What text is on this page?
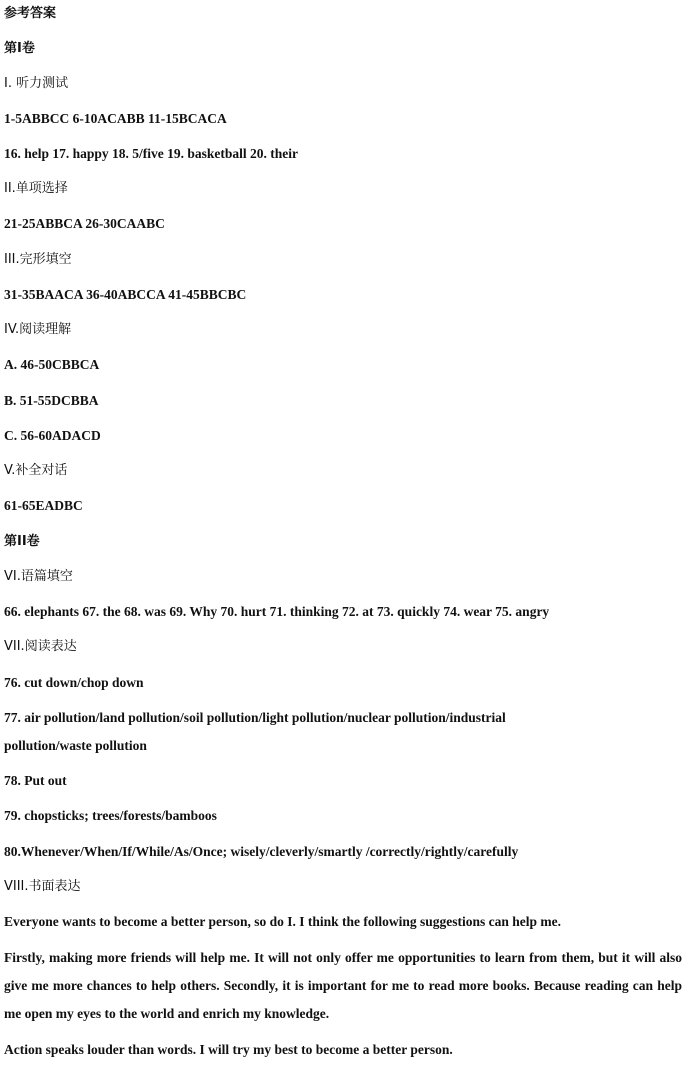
参考答案
第I卷
I. 听力测试
1-5ABBCC 6-10ACABB 11-15BCACA
16. help 17. happy 18. 5/five 19. basketball 20. their
II.单项选择
21-25ABBCA 26-30CAABC
III.完形填空
31-35BAACA 36-40ABCCA 41-45BBCBC
IV.阅读理解
A. 46-50CBBCA
B. 51-55DCBBA
C. 56-60ADACD
V.补全对话
61-65EADBC
第II卷
VI.语篇填空
66. elephants 67. the 68. was 69. Why 70. hurt 71. thinking 72. at 73. quickly 74. wear 75. angry
VII.阅读表达
76. cut down/chop down
77. air pollution/land pollution/soil pollution/light pollution/nuclear pollution/industrial
pollution/waste pollution
78. Put out
79. chopsticks; trees/forests/bamboos
80.Whenever/When/If/While/As/Once; wisely/cleverly/smartly /correctly/rightly/carefully
VIII.书面表达
Everyone wants to become a better person, so do I. I think the following suggestions can help me.
Firstly, making more friends will help me. It will not only offer me opportunities to learn from them, but it will also give me more chances to help others. Secondly, it is important for me to read more books. Because reading can help me open my eyes to the world and enrich my knowledge.
Action speaks louder than words. I will try my best to become a better person.
